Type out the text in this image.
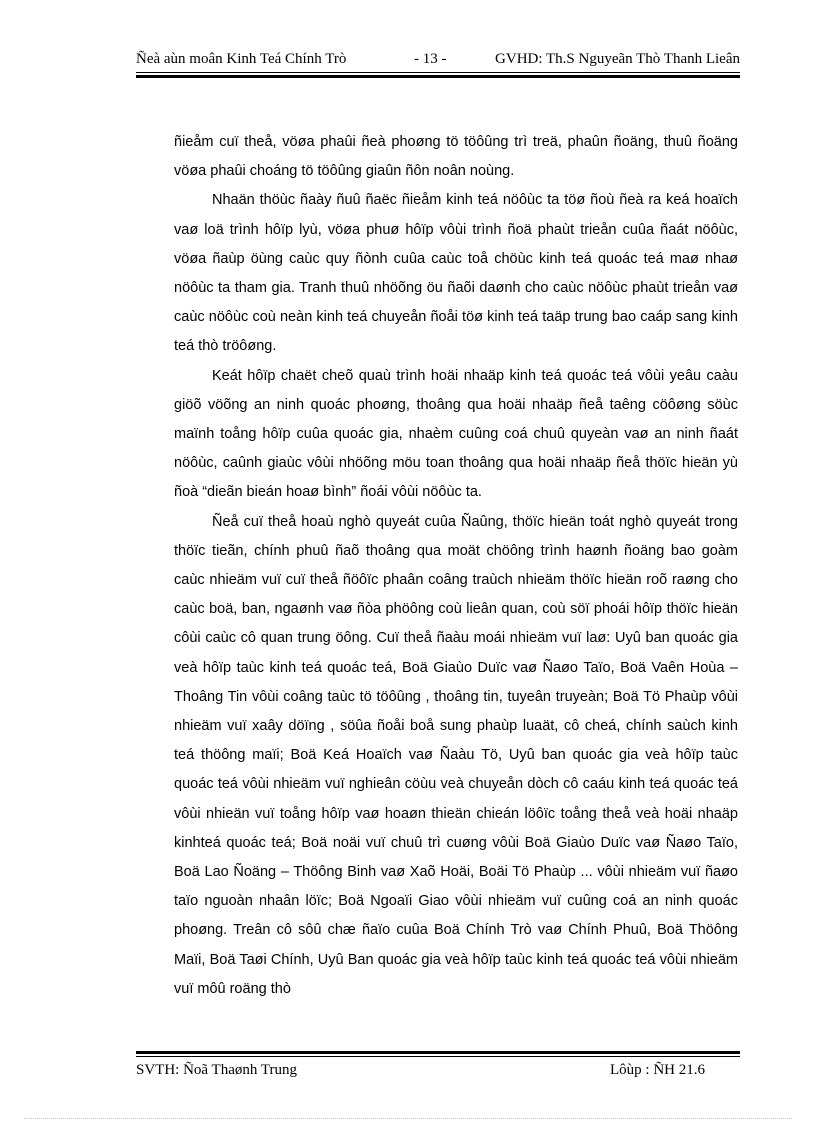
Ñeà aùn moân Kinh Teá Chính Trò	- 13 -	GVHD: Th.S Nguyeãn Thò Thanh Lieân

ñieåm cuï theå, vöøa phaûi ñeà phoøng tö töôûng trì treä, phaûn ñoäng, thuû ñoäng vöøa phaûi choáng tö töôûng giaûn ñôn noân noùng.

Nhaän thöùc ñaày ñuû ñaëc ñieåm kinh teá nöôùc ta töø ñoù ñeà ra keá hoaïch vaø loä trình hôïp lyù, vöøa phuø hôïp vôùi trình ñoä phaùt trieån cuûa ñaát nöôùc, vöøa ñaùp öùng caùc quy ñònh cuûa caùc toå chöùc kinh teá quoác teá maø nhaø nöôùc ta tham gia. Tranh thuû nhöõng öu ñaõi daønh cho caùc nöôùc phaùt trieån vaø caùc nöôùc coù neàn kinh teá chuyeån ñoåi töø kinh teá taäp trung bao caáp sang kinh teá thò tröôøng.

Keát hôïp chaët cheõ quaù trình hoäi nhaäp kinh teá quoác teá vôùi yeâu caàu giöõ vöõng an ninh quoác phoøng, thoâng qua hoäi nhaäp ñeå taêng cöôøng söùc maïnh toång hôïp cuûa quoác gia, nhaèm cuûng coá chuû quyeàn vaø an ninh ñaát nöôùc, caûnh giaùc vôùi nhöõng möu toan thoâng qua hoäi nhaäp ñeå thöïc hieän yù ñoà “dieãn bieán hoaø bình” ñoái vôùi nöôùc ta.

Ñeå cuï theå hoaù nghò quyeát cuûa Ñaûng, thöïc hieän toát nghò quyeát trong thöïc tieãn, chính phuû ñaõ thoâng qua moät chöông trình haønh ñoäng bao goàm caùc nhieäm vuï cuï theå ñöôïc phaân coâng traùch nhieäm thöïc hieän roõ raøng cho caùc boä, ban, ngaønh vaø ñòa phöông coù lieân quan, coù söï phoái hôïp thöïc hieän côùi caùc cô quan trung öông. Cuï theå ñaàu moái nhieäm vuï laø: Uyû ban quoác gia veà hôïp taùc kinh teá quoác teá, Boä Giaùo Duïc vaø Ñaøo Taïo, Boä Vaên Hoùa – Thoâng Tin vôùi coâng taùc tö töôûng , thoâng tin, tuyeân truyeàn; Boä Tö Phaùp vôùi nhieäm vuï xaây döïng , söûa ñoåi boå sung phaùp luaät, cô cheá, chính saùch kinh teá thöông maïi; Boä Keá Hoaïch vaø Ñaàu Tö, Uyû ban quoác gia veà hôïp taùc quoác teá vôùi nhieäm vuï nghieân cöùu veà chuyeån dòch cô caáu kinh teá quoác teá vôùi nhieän vuï toång hôïp vaø hoaøn thieän chieán löôïc toång theå veà hoäi nhaäp kinhteá quoác teá; Boä noäi vuï chuû trì cuøng vôùi Boä Giaùo Duïc vaø Ñaøo Taïo, Boä Lao Ñoäng – Thöông Binh vaø Xaõ Hoäi, Boäi Tö Phaùp ... vôùi nhieäm vuï ñaøo taïo nguoàn nhaân löïc; Boä Ngoaïi Giao vôùi nhieäm vuï cuûng coá an ninh quoác phoøng. Treân cô sôû chæ ñaïo cuûa Boä Chính Trò vaø Chính Phuû, Boä Thöông Maïi, Boä Taøi Chính, Uyû Ban quoác gia veà hôïp taùc kinh teá quoác teá vôùi nhieäm vuï môû roäng thò

SVTH: Ñoã Thaønh Trung	Lôùp : ÑH 21.6
